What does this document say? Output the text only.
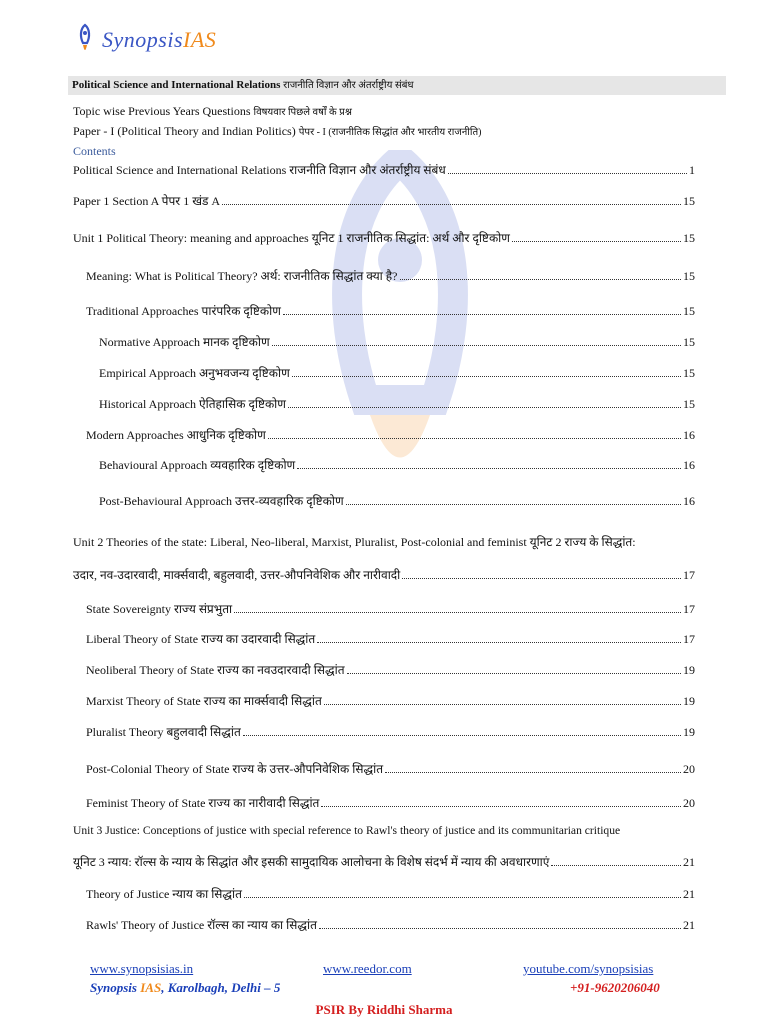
SynopsisIAS
Political Science and International Relations राजनीति विज्ञान और अंतर्राष्ट्रीय संबंध
Topic wise Previous Years Questions विषयवार पिछले वर्षों के प्रश्न
Paper - I (Political Theory and Indian Politics) पेपर - I (राजनीतिक सिद्धांत और भारतीय राजनीति)
Contents
Political Science and International Relations राजनीति विज्ञान और अंतर्राष्ट्रीय संबंध	1
Paper 1 Section A पेपर 1 खंड A	15
Unit 1 Political Theory: meaning and approaches यूनिट 1 राजनीतिक सिद्धांत: अर्थ और दृष्टिकोण	15
Meaning: What is Political Theory? अर्थ: राजनीतिक सिद्धांत क्या है?	15
Traditional Approaches पारंपरिक दृष्टिकोण	15
Normative Approach मानक दृष्टिकोण	15
Empirical Approach अनुभवजन्य दृष्टिकोण	15
Historical Approach ऐतिहासिक दृष्टिकोण	15
Modern Approaches आधुनिक दृष्टिकोण	16
Behavioural Approach व्यवहारिक दृष्टिकोण	16
Post-Behavioural Approach उत्तर-व्यवहारिक दृष्टिकोण	16
Unit 2 Theories of the state: Liberal, Neo-liberal, Marxist, Pluralist, Post-colonial and feminist यूनिट 2 राज्य के सिद्धांत:
उदार, नव-उदारवादी, मार्क्सवादी, बहुलवादी, उत्तर-औपनिवेशिक और नारीवादी	17
State Sovereignty राज्य संप्रभुता	17
Liberal Theory of State राज्य का उदारवादी सिद्धांत	17
Neoliberal Theory of State राज्य का नवउदारवादी सिद्धांत	19
Marxist Theory of State राज्य का मार्क्सवादी सिद्धांत	19
Pluralist Theory बहुलवादी सिद्धांत	19
Post-Colonial Theory of State राज्य के उत्तर-औपनिवेशिक सिद्धांत	20
Feminist Theory of State राज्य का नारीवादी सिद्धांत	20
Unit 3 Justice: Conceptions of justice with special reference to Rawl's theory of justice and its communitarian critique
यूनिट 3 न्याय: रॉल्स के न्याय के सिद्धांत और इसकी सामुदायिक आलोचना के विशेष संदर्भ में न्याय की अवधारणाएं	21
Theory of Justice न्याय का सिद्धांत	21
Rawls' Theory of Justice रॉल्स का न्याय का सिद्धांत	21
www.synopsisias.in	www.reedor.com	youtube.com/synopsisias
Synopsis IAS, Karolbagh, Delhi – 5	+91-9620206040
PSIR By Riddhi Sharma
